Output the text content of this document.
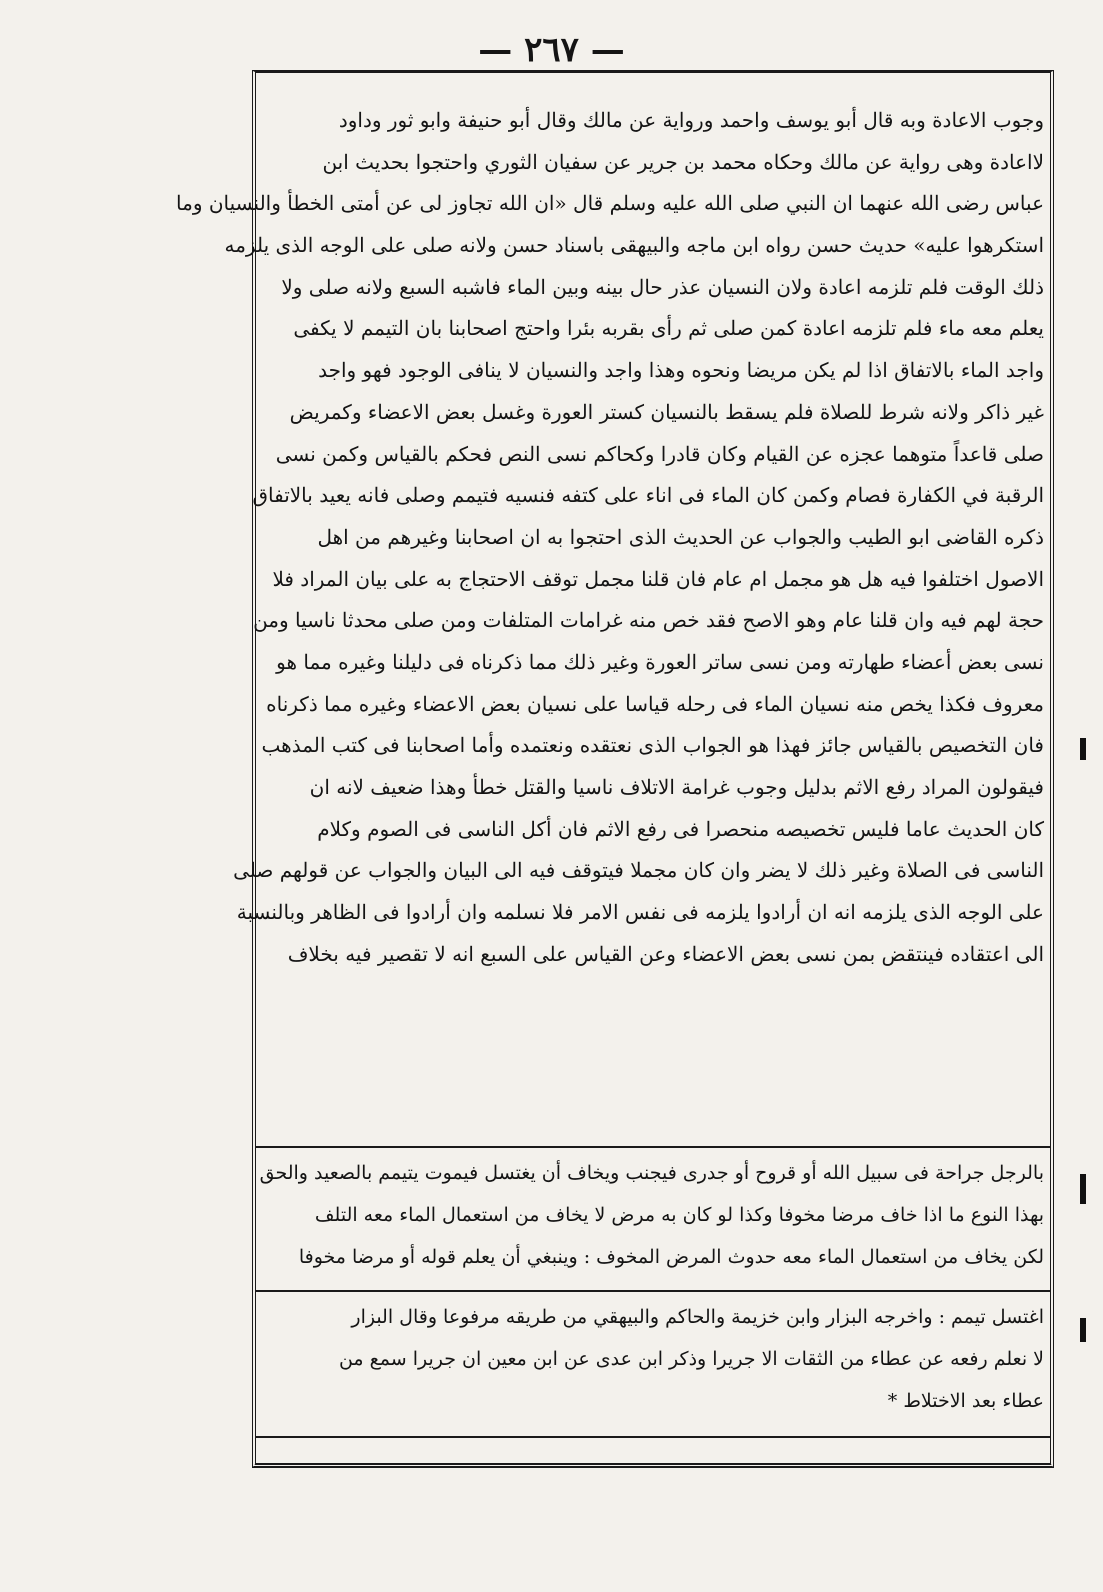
— ٢٦٧ —
وجوب الاعادة وبه قال أبو يوسف واحمد ورواية عن مالك وقال أبو حنيفة وابو ثور وداود
لااعادة وهى رواية عن مالك وحكاه محمد بن جرير عن سفيان الثوري واحتجوا بحديث ابن
عباس رضى الله عنهما ان النبي صلى الله عليه وسلم قال «ان الله تجاوز لى عن أمتى الخطأ والنسيان وما
استكرهوا عليه» حديث حسن رواه ابن ماجه والبيهقى باسناد حسن ولانه صلى على الوجه الذى يلزمه
ذلك الوقت فلم تلزمه اعادة ولان النسيان عذر حال بينه وبين الماء فاشبه السبع ولانه صلى ولا
يعلم معه ماء فلم تلزمه اعادة كمن صلى ثم رأى بقربه بئرا واحتج اصحابنا بان التيمم لا يكفى
واجد الماء بالاتفاق اذا لم يكن مريضا ونحوه وهذا واجد والنسيان لا ينافى الوجود فهو واجد
غير ذاكر ولانه شرط للصلاة فلم يسقط بالنسيان كستر العورة وغسل بعض الاعضاء وكمريض
صلى قاعداً متوهما عجزه عن القيام وكان قادرا وكحاكم نسى النص فحكم بالقياس وكمن نسى
الرقبة في الكفارة فصام وكمن كان الماء فى اناء على كتفه فنسيه فتيمم وصلى فانه يعيد بالاتفاق
ذكره القاضى ابو الطيب والجواب عن الحديث الذى احتجوا به ان اصحابنا وغيرهم من اهل
الاصول اختلفوا فيه هل هو مجمل ام عام فان قلنا مجمل توقف الاحتجاج به على بيان المراد فلا
حجة لهم فيه وان قلنا عام وهو الاصح فقد خص منه غرامات المتلفات ومن صلى محدثا ناسيا ومن
نسى بعض أعضاء طهارته ومن نسى ساتر العورة وغير ذلك مما ذكرناه فى دليلنا وغيره مما هو
معروف فكذا يخص منه نسيان الماء فى رحله قياسا على نسيان بعض الاعضاء وغيره مما ذكرناه
فان التخصيص بالقياس جائز فهذا هو الجواب الذى نعتقده ونعتمده وأما اصحابنا فى كتب المذهب
فيقولون المراد رفع الاثم بدليل وجوب غرامة الاتلاف ناسيا والقتل خطأ وهذا ضعيف لانه ان
كان الحديث عاما فليس تخصيصه منحصرا فى رفع الاثم فان أكل الناسى فى الصوم وكلام
الناسى فى الصلاة وغير ذلك لا يضر وان كان مجملا فيتوقف فيه الى البيان والجواب عن قولهم صلى
على الوجه الذى يلزمه انه ان أرادوا يلزمه فى نفس الامر فلا نسلمه وان أرادوا فى الظاهر وبالنسبة
الى اعتقاده فينتقض بمن نسى بعض الاعضاء وعن القياس على السبع انه لا تقصير فيه بخلاف
بالرجل جراحة فى سبيل الله أو قروح أو جدرى فيجنب ويخاف أن يغتسل فيموت يتيمم بالصعيد والحق
بهذا النوع ما اذا خاف مرضا مخوفا وكذا لو كان به مرض لا يخاف من استعمال الماء معه التلف
لكن يخاف من استعمال الماء معه حدوث المرض المخوف : وينبغي أن يعلم قوله أو مرضا مخوفا
اغتسل تيمم : واخرجه البزار وابن خزيمة والحاكم والبيهقي من طريقه مرفوعا وقال البزار
لا نعلم رفعه عن عطاء من الثقات الا جريرا وذكر ابن عدى عن ابن معين ان جريرا سمع من
عطاء بعد الاختلاط *
